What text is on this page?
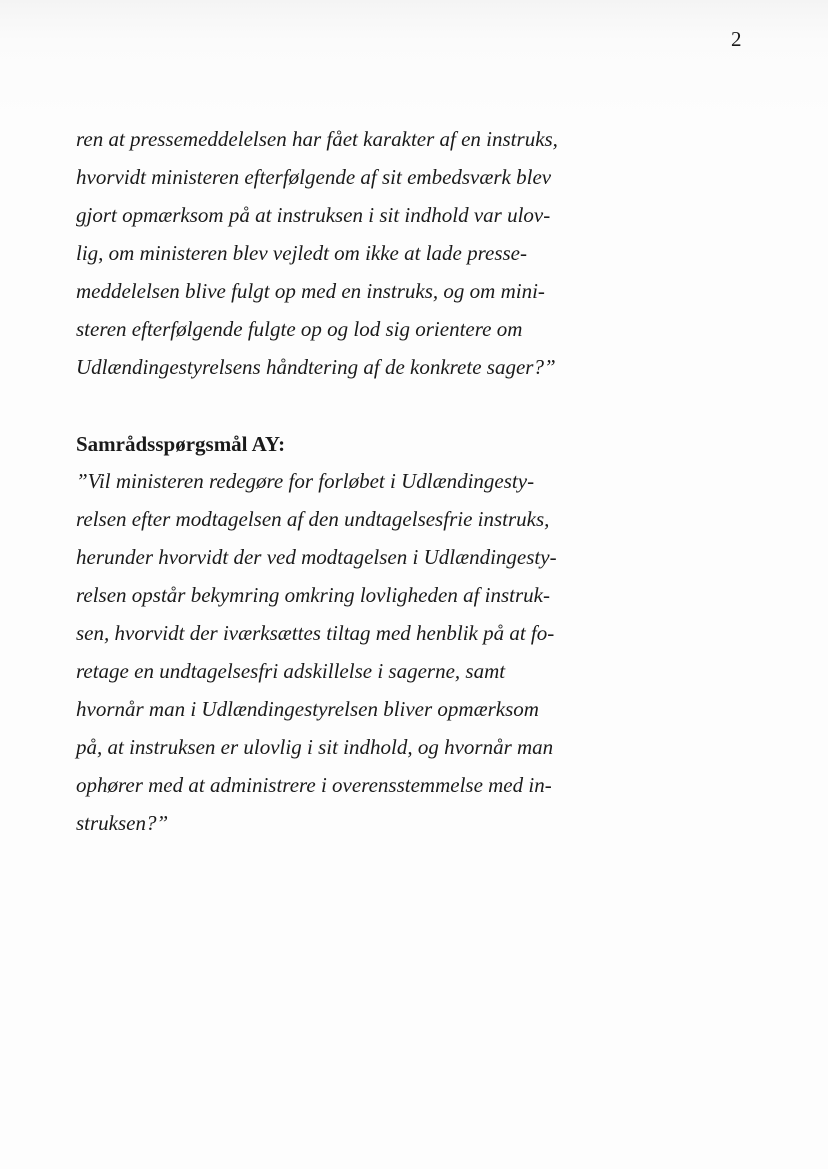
2
ren at pressemeddelelsen har fået karakter af en instruks,
hvorvidt ministeren efterfølgende af sit embedsværk blev
gjort opmærksom på at instruksen i sit indhold var ulov-
lig, om ministeren blev vejledt om ikke at lade presse-
meddelelsen blive fulgt op med en instruks, og om mini-
steren efterfølgende fulgte op og lod sig orientere om
Udlændingestyrelsens håndtering af de konkrete sager?”
Samrådsspørgsmål AY:
”Vil ministeren redegøre for forløbet i Udlændingesty-
relsen efter modtagelsen af den undtagelsesfrie instruks,
herunder hvorvidt der ved modtagelsen i Udlændingesty-
relsen opstår bekymring omkring lovligheden af instruk-
sen, hvorvidt der iværksættes tiltag med henblik på at fo-
retage en undtagelsesfri adskillelse i sagerne, samt
hvornår man i Udlændingestyrelsen bliver opmærksom
på, at instruksen er ulovlig i sit indhold, og hvornår man
ophører med at administrere i overensstemmelse med in-
struksen?”
